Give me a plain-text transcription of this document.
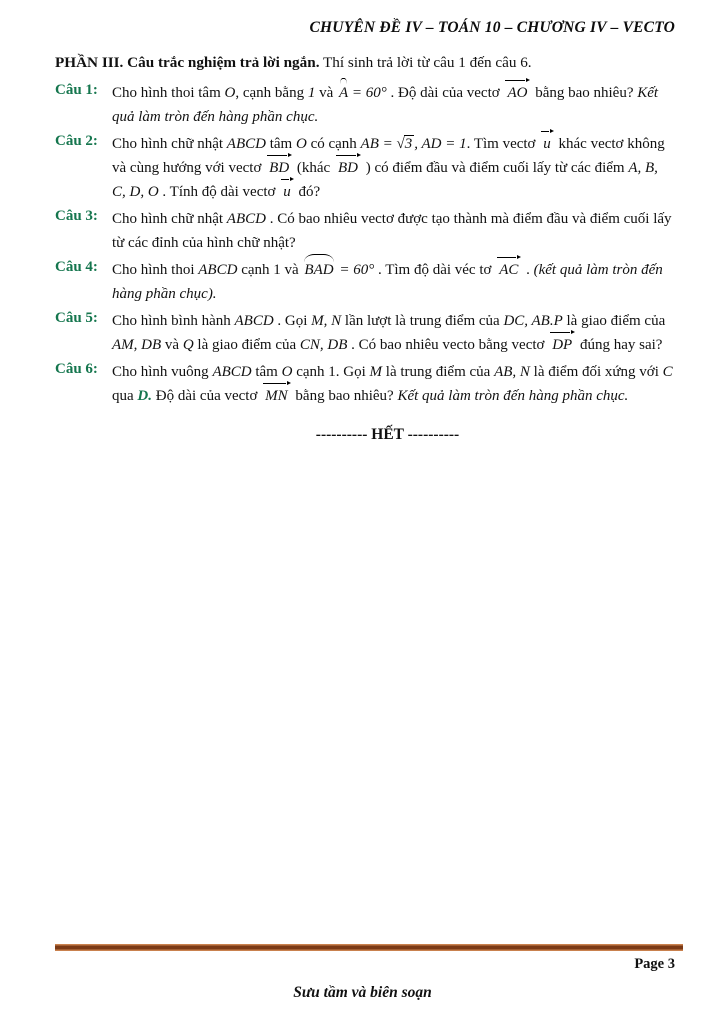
CHUYÊN ĐỀ IV – TOÁN 10 – CHƯƠNG IV – VECTO
PHẦN III. Câu trắc nghiệm trả lời ngắn. Thí sinh trả lời từ câu 1 đến câu 6.
Câu 1: Cho hình thoi tâm O, cạnh bằng 1 và A = 60° . Độ dài của vectơ AO bằng bao nhiêu? Kết quả làm tròn đến hàng phần chục.
Câu 2: Cho hình chữ nhật ABCD tâm O có cạnh AB = √3 , AD = 1. Tìm vectơ u khác vectơ không và cùng hướng với vectơ BD (khác BD ) có điểm đầu và điểm cuối lấy từ các điểm A, B, C, D, O . Tính độ dài vectơ u đó?
Câu 3: Cho hình chữ nhật ABCD . Có bao nhiêu vectơ được tạo thành mà điểm đầu và điểm cuối lấy từ các đỉnh của hình chữ nhật?
Câu 4: Cho hình thoi ABCD cạnh 1 và BAD = 60° . Tìm độ dài véc tơ AC . (kết quả làm tròn đến hàng phần chục).
Câu 5: Cho hình bình hành ABCD . Gọi M, N lần lượt là trung điểm của DC, AB.P là giao điểm của AM, DB và Q là giao điểm của CN, DB . Có bao nhiêu vecto bằng vectơ DP đúng hay sai?
Câu 6: Cho hình vuông ABCD tâm O cạnh 1. Gọi M là trung điểm của AB, N là điểm đối xứng với C qua D. Độ dài của vectơ MN bằng bao nhiêu? Kết quả làm tròn đến hàng phần chục.
---------- HẾT ----------
Page 3
Sưu tầm và biên soạn
